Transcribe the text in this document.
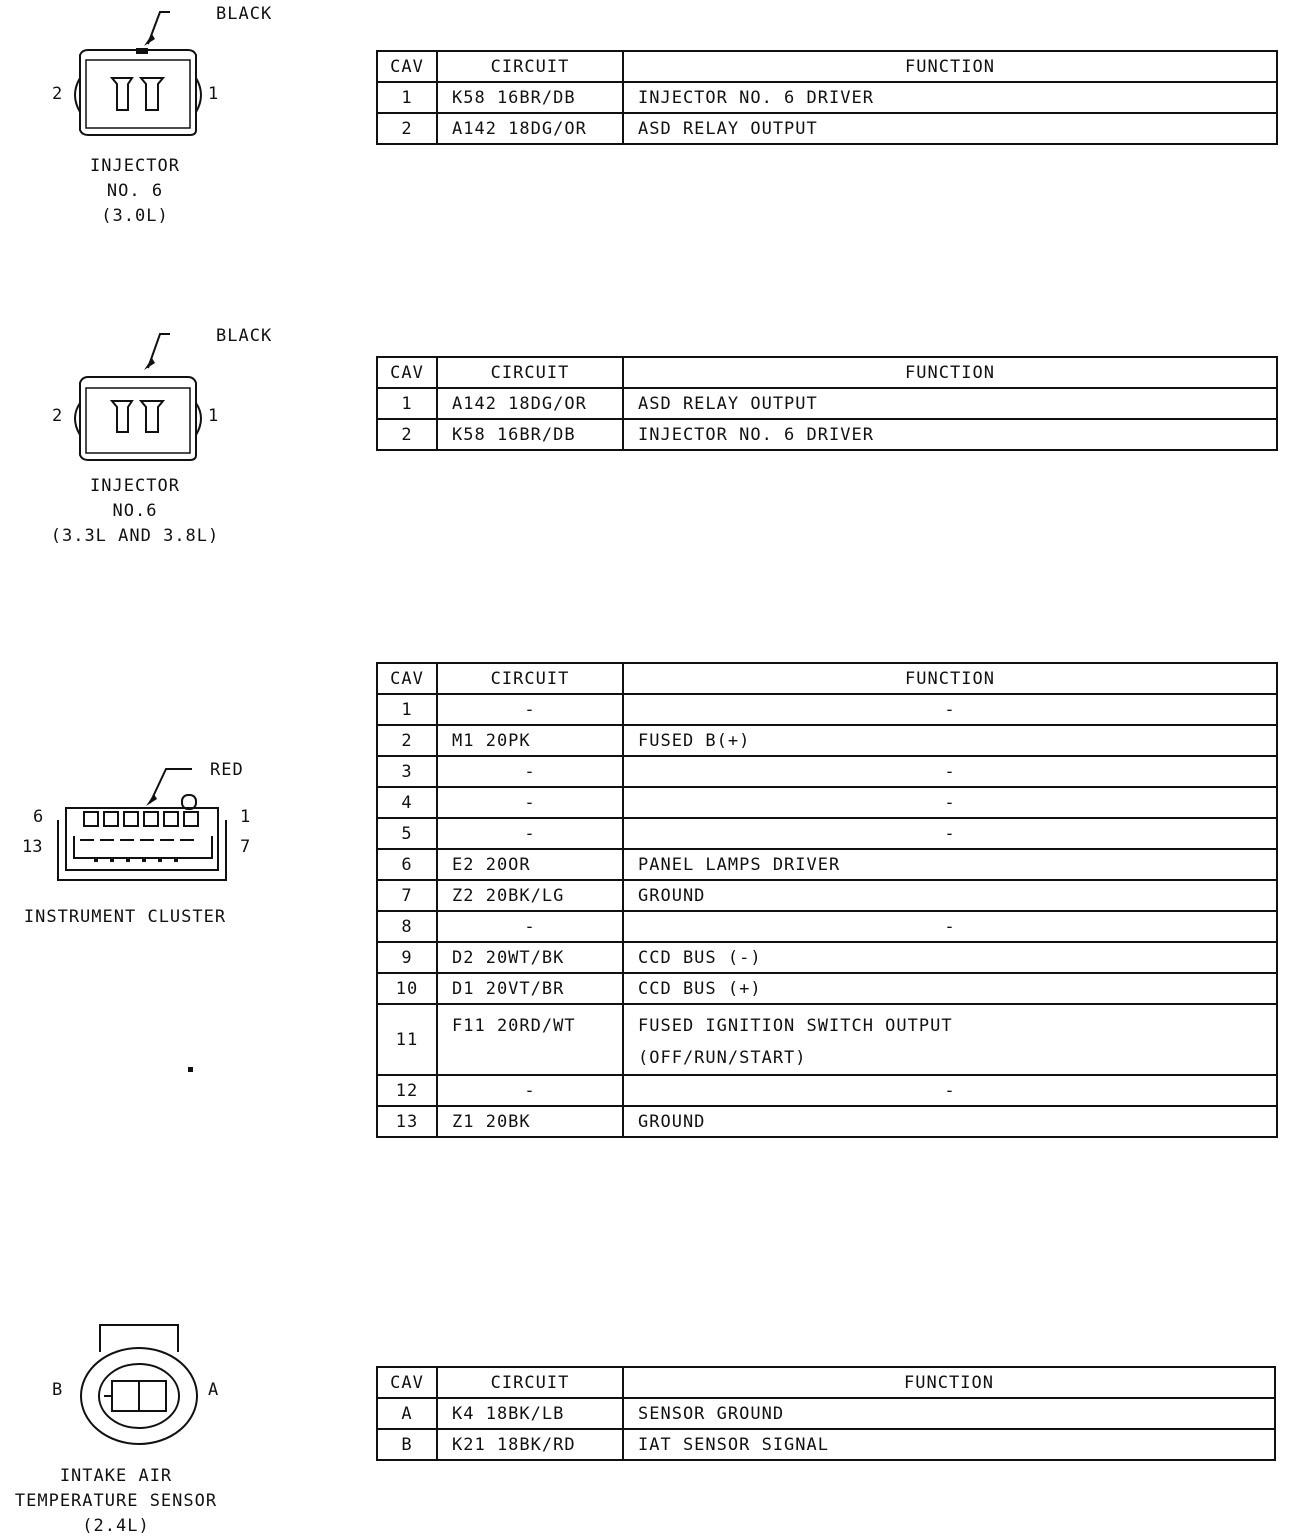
BLACK
2	1
INJECTOR
NO. 6
(3.0L)
CAV	CIRCUIT	FUNCTION
1	K58 16BR/DB	INJECTOR NO. 6 DRIVER
2	A142 18DG/OR	ASD RELAY OUTPUT
BLACK
2	1
INJECTOR
NO.6
(3.3L AND 3.8L)
CAV	CIRCUIT	FUNCTION
1	A142 18DG/OR	ASD RELAY OUTPUT
2	K58 16BR/DB	INJECTOR NO. 6 DRIVER
RED
6	1
13	7
INSTRUMENT CLUSTER
CAV	CIRCUIT	FUNCTION
1	-	-
2	M1 20PK	FUSED B(+)
3	-	-
4	-	-
5	-	-
6	E2 20OR	PANEL LAMPS DRIVER
7	Z2 20BK/LG	GROUND
8	-	-
9	D2 20WT/BK	CCD BUS (-)
10	D1 20VT/BR	CCD BUS (+)
11	F11 20RD/WT	FUSED IGNITION SWITCH OUTPUT
(OFF/RUN/START)
12	-	-
13	Z1 20BK	GROUND
B	A
INTAKE AIR
TEMPERATURE SENSOR
(2.4L)
CAV	CIRCUIT	FUNCTION
A	K4 18BK/LB	SENSOR GROUND
B	K21 18BK/RD	IAT SENSOR SIGNAL
